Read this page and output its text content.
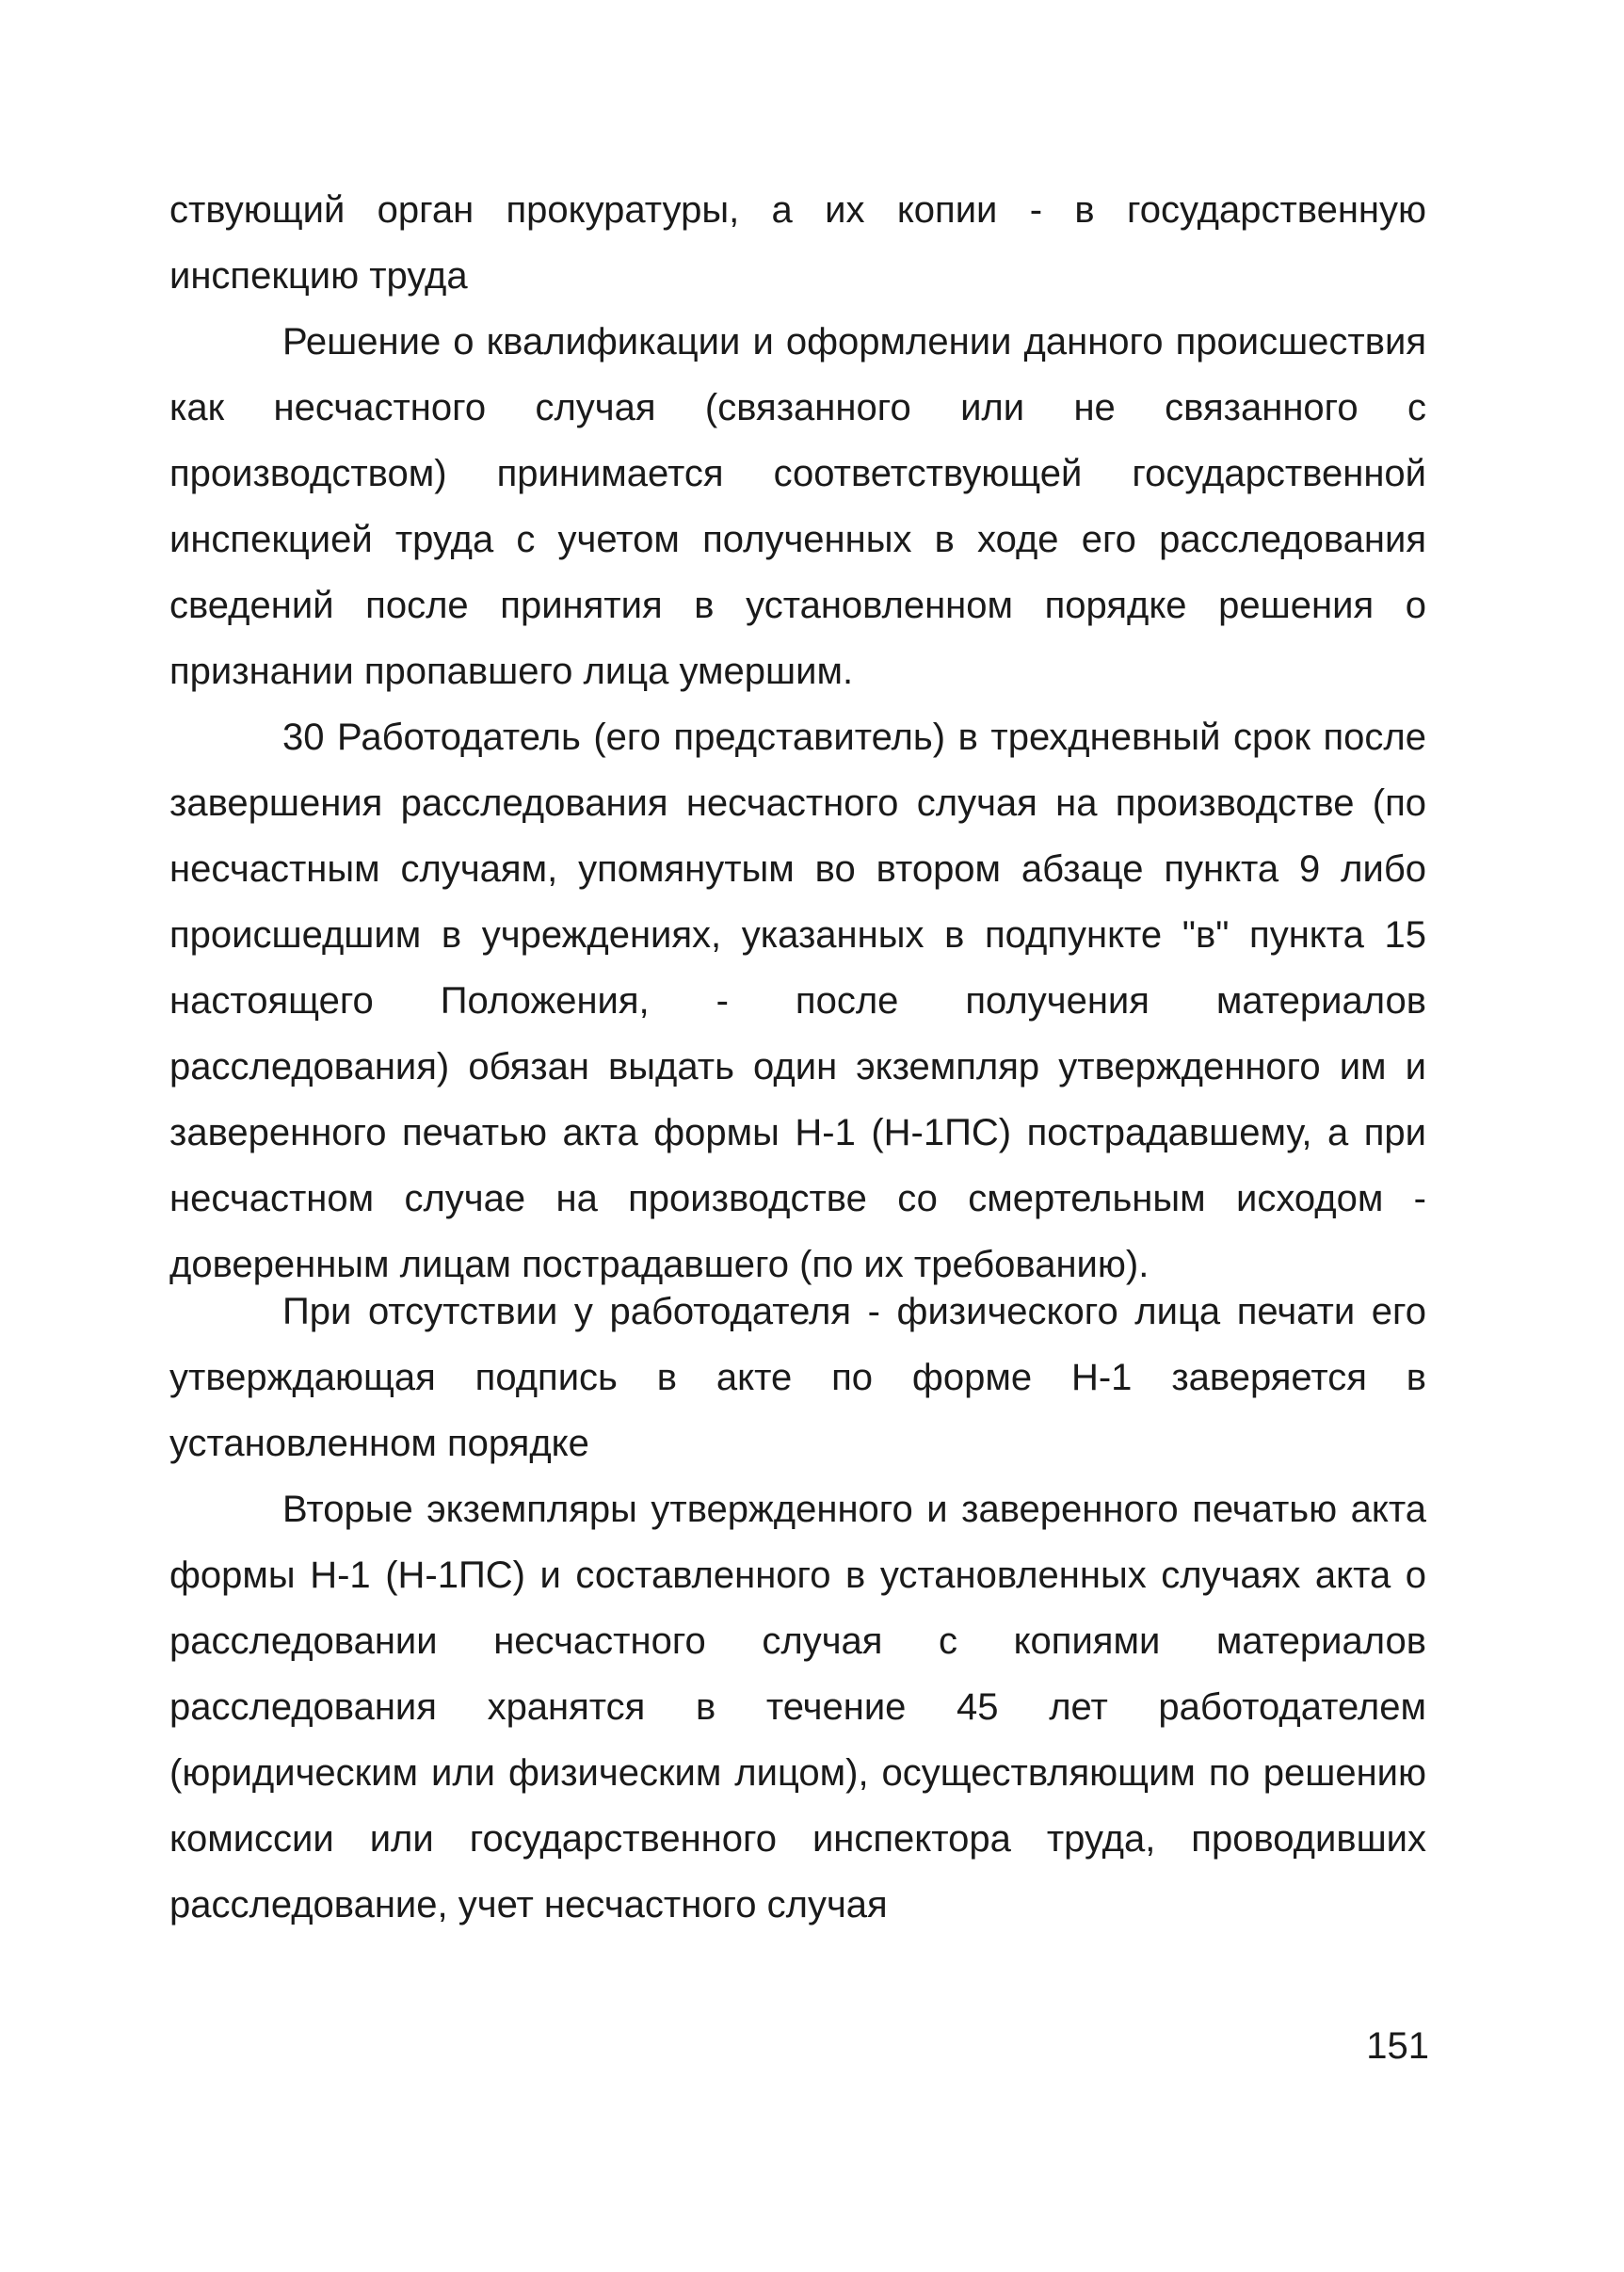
ствующий орган прокуратуры, а их копии - в государственную инспекцию труда

Решение о квалификации и оформлении данного происшествия как несчастного случая (связанного или не связанного с производством) принимается соответствующей государственной инспекцией труда с учетом полученных в ходе его расследования сведений после принятия в установленном порядке решения о признании пропавшего лица умершим.

30 Работодатель (его представитель) в трехдневный срок после завершения расследования несчастного случая на производстве (по несчастным случаям, упомянутым во втором абзаце пункта 9 либо происшедшим в учреждениях, указанных в подпункте "в" пункта 15 настоящего Положения, - после получения материалов расследования) обязан выдать один экземпляр утвержденного им и заверенного печатью акта формы Н-1 (Н-1ПС) пострадавшему, а при несчастном случае на производстве со смертельным исходом - доверенным лицам пострадавшего (по их требованию).

При отсутствии у работодателя - физического лица печати его утверждающая подпись в акте по форме Н-1 заверяется в установленном порядке

Вторые экземпляры утвержденного и заверенного печатью акта формы Н-1 (Н-1ПС) и составленного в установленных случаях акта о расследовании несчастного случая с копиями материалов расследования хранятся в течение 45 лет работодателем (юридическим или физическим лицом), осуществляющим по решению комиссии или государственного инспектора труда, проводивших расследование, учет несчастного случая

151
